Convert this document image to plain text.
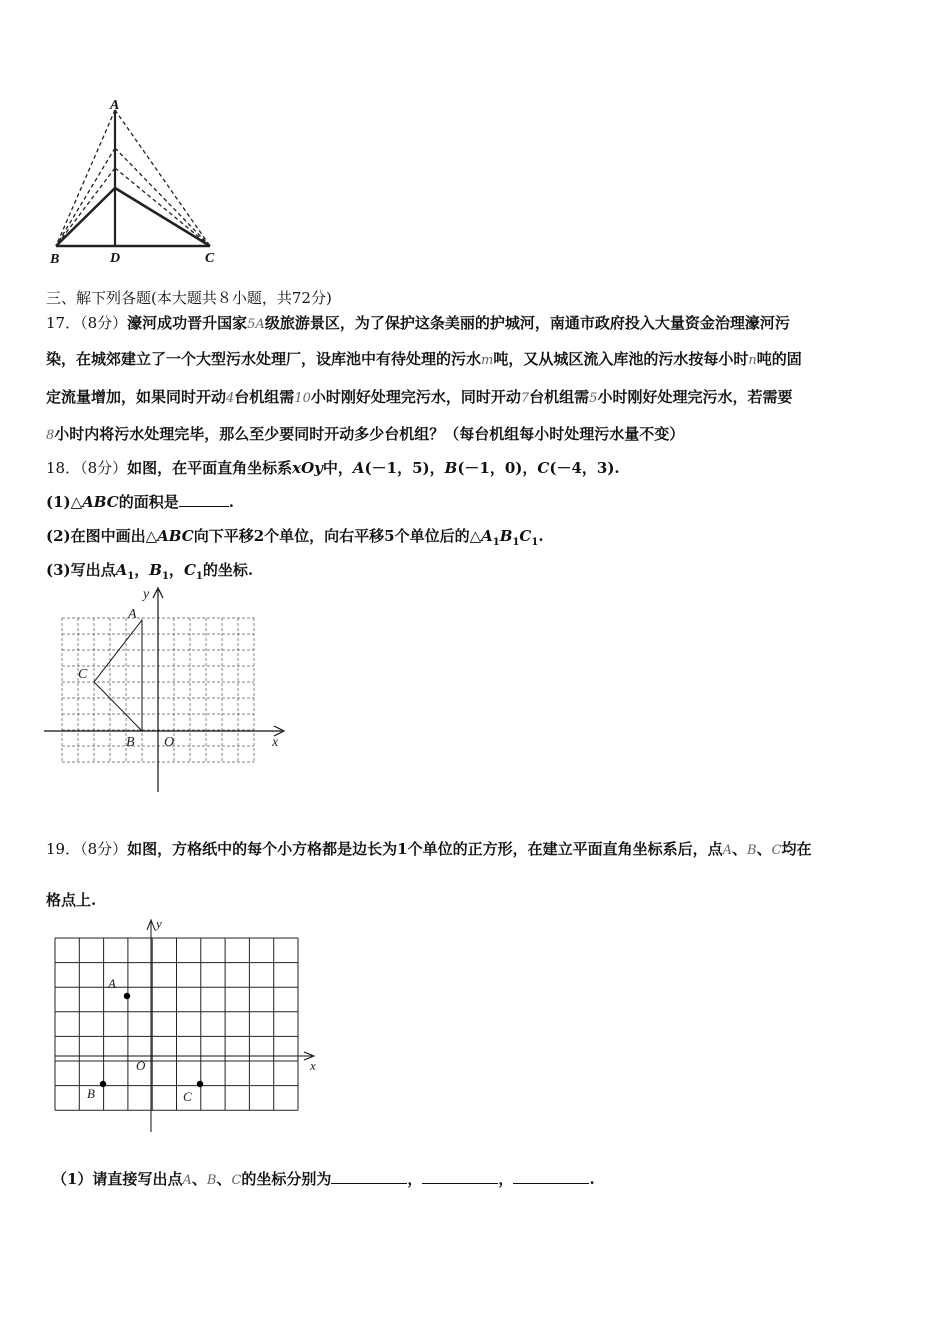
A
B	D	C
三、解下列各题(本大题共８小题，共72分)
17．（8分）濠河成功晋升国家5A级旅游景区，为了保护这条美丽的护城河，南通市政府投入大量资金治理濠河污
染，在城郊建立了一个大型污水处理厂，设库池中有待处理的污水m吨，又从城区流入库池的污水按每小时n吨的固
定流量增加，如果同时开动4台机组需10小时刚好处理完污水，同时开动7台机组需5小时刚好处理完污水，若需要
8小时内将污水处理完毕，那么至少要同时开动多少台机组？（每台机组每小时处理污水量不变）
18．（8分）如图，在平面直角坐标系xOy中，A(－1，5)，B(－1，0)，C(－4，3).
(1)△ABC的面积是	.
(2)在图中画出△ABC向下平移2个单位，向右平移5个单位后的$\triangle A_1B_1C_1$.
(3)写出点$A_1$，$B_1$，$C_1$的坐标.
y
x
O
A
B
C
19．（8分）如图，方格纸中的每个小方格都是边长为1个单位的正方形，在建立平面直角坐标系后，点A、B、C均在
格点上.
y
x
O
A
B	C
（1）请直接写出点A、B、C的坐标分别为	，	，	.
